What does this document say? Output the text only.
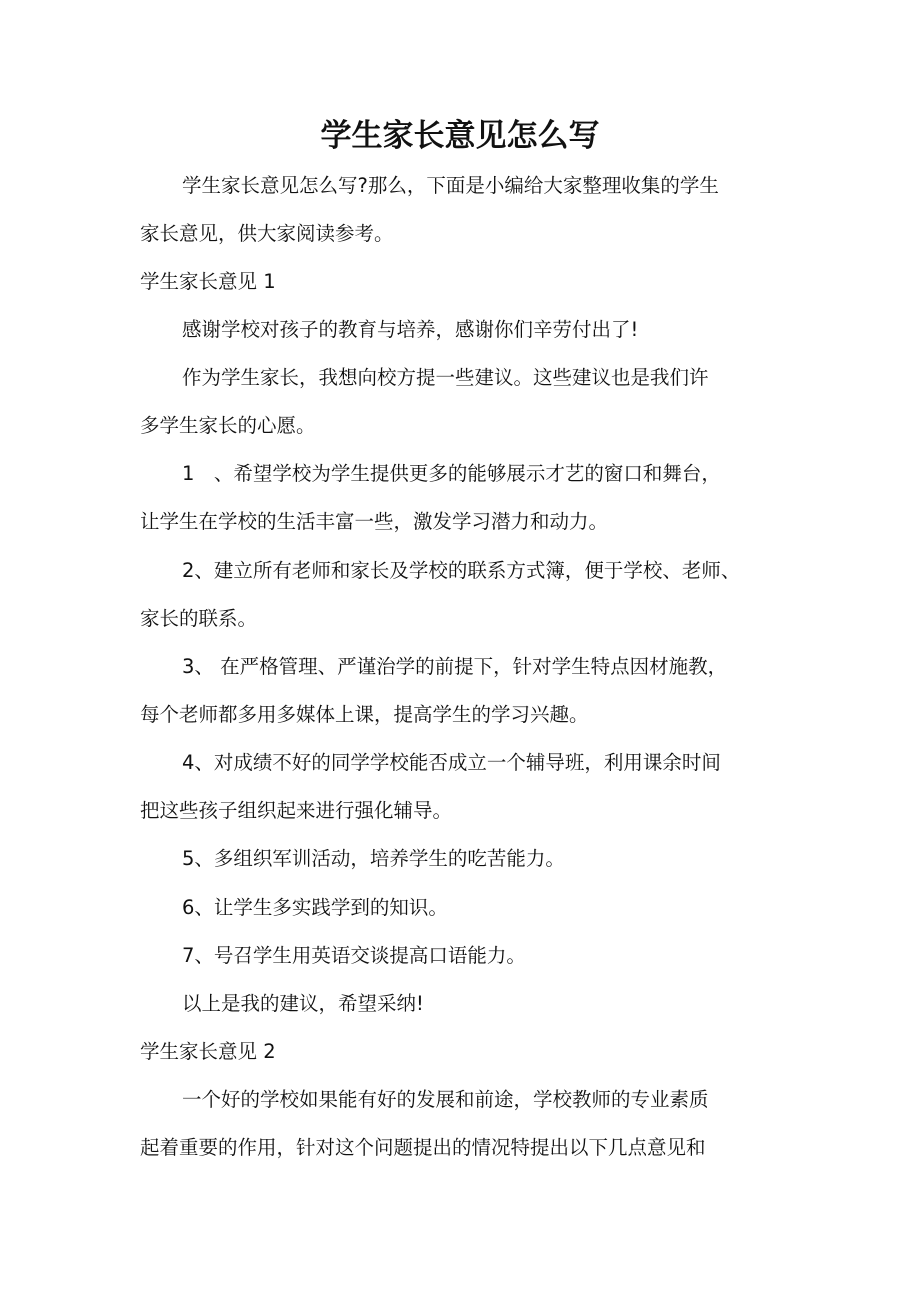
学生家长意见怎么写

学生家长意见怎么写?那么，下面是小编给大家整理收集的学生

家长意见，供大家阅读参考。

学生家长意见 1

感谢学校对孩子的教育与培养，感谢你们辛劳付出了!

作为学生家长，我想向校方提一些建议。这些建议也是我们许

多学生家长的心愿。

1　、希望学校为学生提供更多的能够展示才艺的窗口和舞台，

让学生在学校的生活丰富一些，激发学习潜力和动力。

2、建立所有老师和家长及学校的联系方式簿，便于学校、老师、

家长的联系。

3、 在严格管理、严谨治学的前提下，针对学生特点因材施教，

每个老师都多用多媒体上课，提高学生的学习兴趣。

4、对成绩不好的同学学校能否成立一个辅导班，利用课余时间

把这些孩子组织起来进行强化辅导。

5、多组织军训活动，培养学生的吃苦能力。

6、让学生多实践学到的知识。

7、号召学生用英语交谈提高口语能力。

以上是我的建议，希望采纳!

学生家长意见 2

一个好的学校如果能有好的发展和前途，学校教师的专业素质

起着重要的作用，针对这个问题提出的情况特提出以下几点意见和
